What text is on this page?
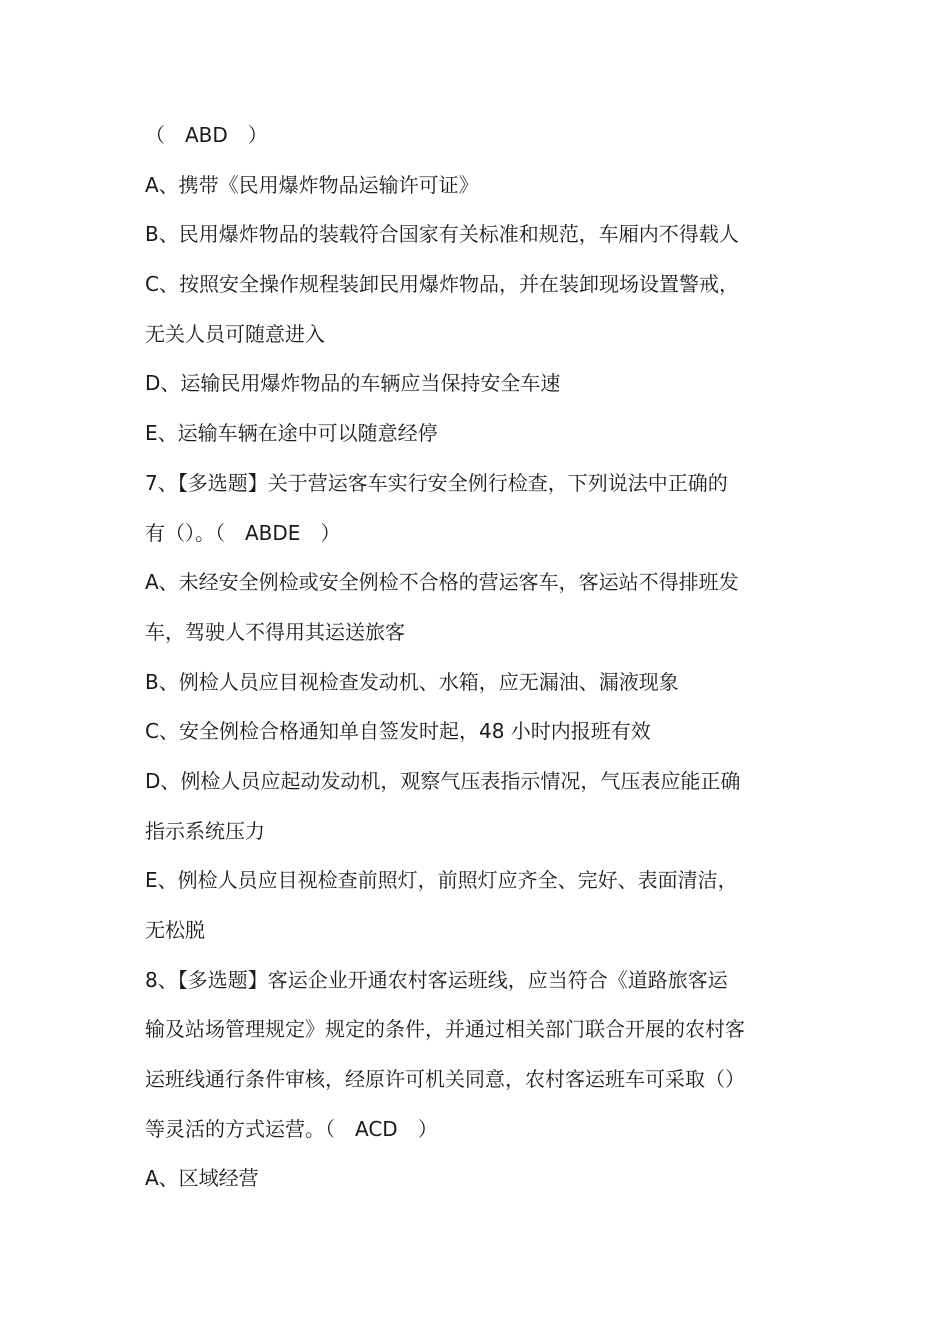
（　ABD　）
A、携带《民用爆炸物品运输许可证》
B、民用爆炸物品的装载符合国家有关标准和规范，车厢内不得载人
C、按照安全操作规程装卸民用爆炸物品，并在装卸现场设置警戒，
无关人员可随意进入
D、运输民用爆炸物品的车辆应当保持安全车速
E、运输车辆在途中可以随意经停
7、【多选题】关于营运客车实行安全例行检查，下列说法中正确的
有（）。（　ABDE　）
A、未经安全例检或安全例检不合格的营运客车，客运站不得排班发
车，驾驶人不得用其运送旅客
B、例检人员应目视检查发动机、水箱，应无漏油、漏液现象
C、安全例检合格通知单自签发时起，48 小时内报班有效
D、例检人员应起动发动机，观察气压表指示情况，气压表应能正确
指示系统压力
E、例检人员应目视检查前照灯，前照灯应齐全、完好、表面清洁，
无松脱
8、【多选题】客运企业开通农村客运班线，应当符合《道路旅客运
输及站场管理规定》规定的条件，并通过相关部门联合开展的农村客
运班线通行条件审核，经原许可机关同意，农村客运班车可采取（）
等灵活的方式运营。（　ACD　）
A、区域经营
